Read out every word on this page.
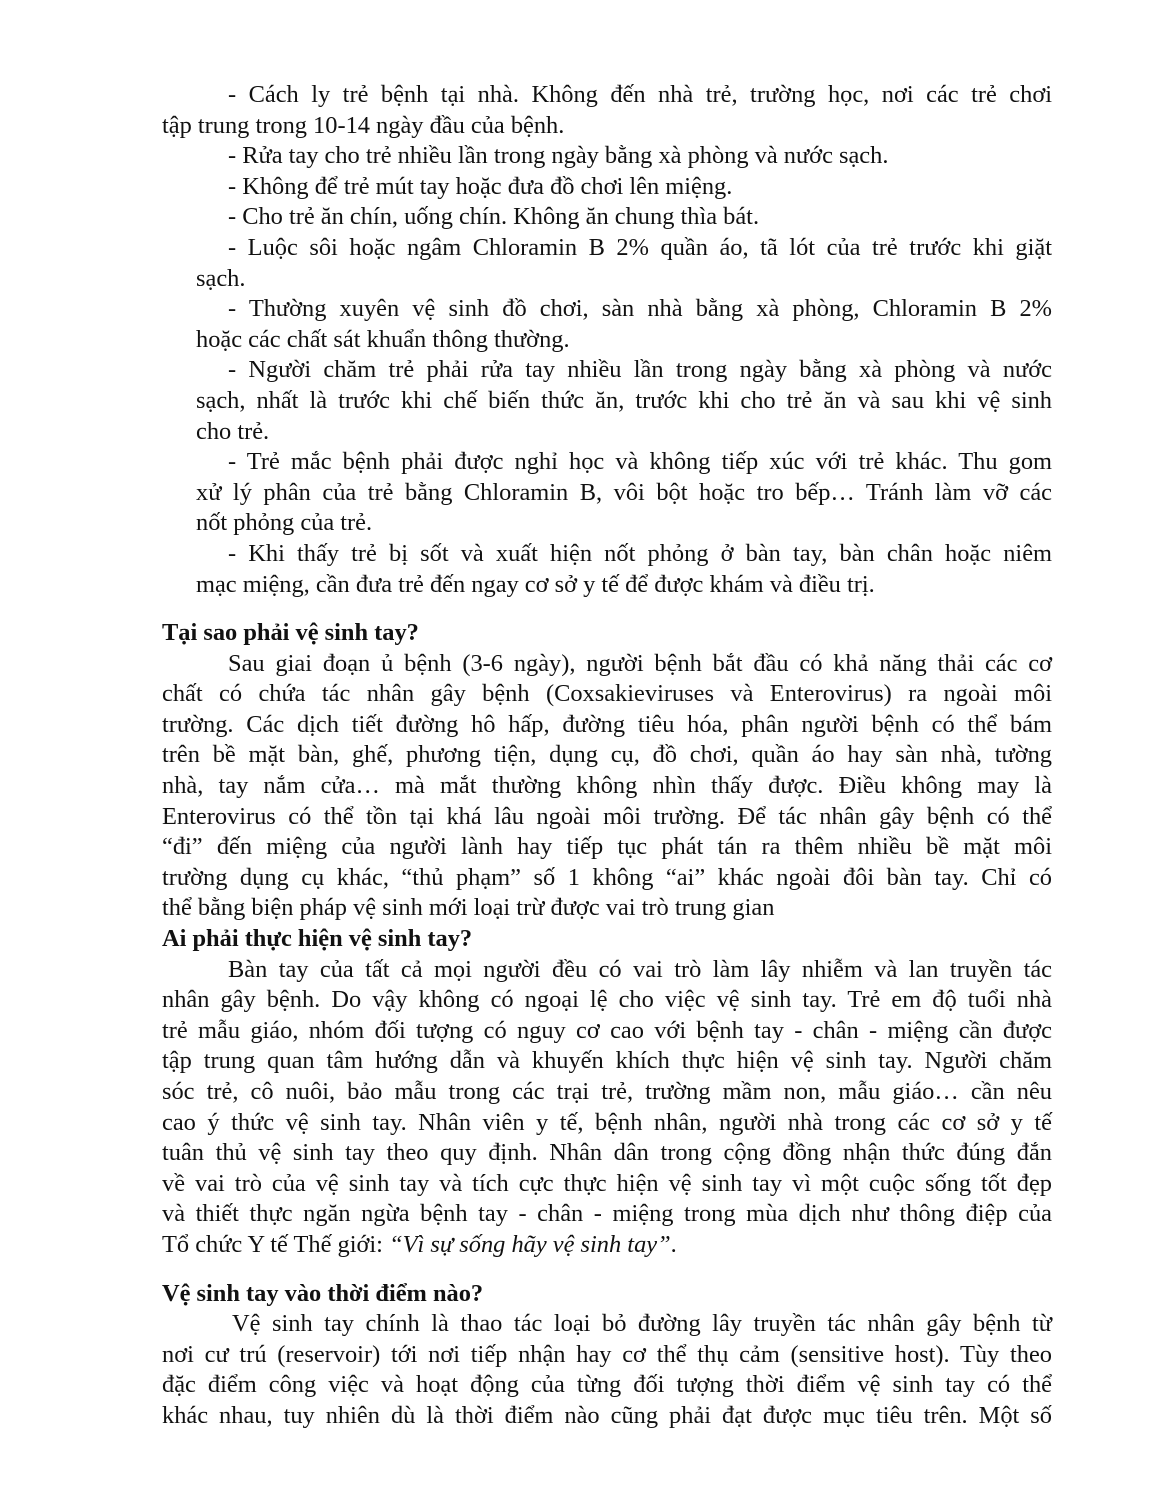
- Cách ly trẻ bệnh tại nhà. Không đến nhà trẻ, trường học, nơi các trẻ chơi
tập trung trong 10-14 ngày đầu của bệnh.
- Rửa tay cho trẻ nhiều lần trong ngày bằng xà phòng và nước sạch.
- Không để trẻ mút tay hoặc đưa đồ chơi lên miệng.
- Cho trẻ ăn chín, uống chín. Không ăn chung thìa bát.
- Luộc sôi hoặc ngâm Chloramin B 2% quần áo, tã lót của trẻ trước khi giặt
sạch.
- Thường xuyên vệ sinh đồ chơi, sàn nhà bằng xà phòng, Chloramin B 2%
hoặc các chất sát khuẩn thông thường.
- Người chăm trẻ phải rửa tay nhiều lần trong ngày bằng xà phòng và nước
sạch, nhất là trước khi chế biến thức ăn, trước khi cho trẻ ăn và sau khi vệ sinh
cho trẻ.
- Trẻ mắc bệnh phải được nghỉ học và không tiếp xúc với trẻ khác. Thu gom
xử lý phân của trẻ bằng Chloramin B, vôi bột hoặc tro bếp… Tránh làm vỡ các
nốt phỏng của trẻ.
- Khi thấy trẻ bị sốt và xuất hiện nốt phỏng ở bàn tay, bàn chân hoặc niêm
mạc miệng, cần đưa trẻ đến ngay cơ sở y tế để được khám và điều trị.
Tại sao phải vệ sinh tay?
Sau giai đoạn ủ bệnh (3-6 ngày), người bệnh bắt đầu có khả năng thải các cơ
chất có chứa tác nhân gây bệnh (Coxsakieviruses và Enterovirus) ra ngoài môi
trường. Các dịch tiết đường hô hấp, đường tiêu hóa, phân người bệnh có thể bám
trên bề mặt bàn, ghế, phương tiện, dụng cụ, đồ chơi, quần áo hay sàn nhà, tường
nhà, tay nắm cửa… mà mắt thường không nhìn thấy được. Điều không may là
Enterovirus có thể tồn tại khá lâu ngoài môi trường. Để tác nhân gây bệnh có thể
“đi” đến miệng của người lành hay tiếp tục phát tán ra thêm nhiều bề mặt môi
trường dụng cụ khác, “thủ phạm” số 1 không “ai” khác ngoài đôi bàn tay. Chỉ có
thể bằng biện pháp vệ sinh mới loại trừ được vai trò trung gian
Ai phải thực hiện vệ sinh tay?
Bàn tay của tất cả mọi người đều có vai trò làm lây nhiễm và lan truyền tác
nhân gây bệnh. Do vậy không có ngoại lệ cho việc vệ sinh tay. Trẻ em độ tuổi nhà
trẻ mẫu giáo, nhóm đối tượng có nguy cơ cao với bệnh tay - chân - miệng cần được
tập trung quan tâm hướng dẫn và khuyến khích thực hiện vệ sinh tay. Người chăm
sóc trẻ, cô nuôi, bảo mẫu trong các trại trẻ, trường mầm non, mẫu giáo… cần nêu
cao ý thức vệ sinh tay. Nhân viên y tế, bệnh nhân, người nhà trong các cơ sở y tế
tuân thủ vệ sinh tay theo quy định. Nhân dân trong cộng đồng nhận thức đúng đắn
về vai trò của vệ sinh tay và tích cực thực hiện vệ sinh tay vì một cuộc sống tốt đẹp
và thiết thực ngăn ngừa bệnh tay - chân - miệng trong mùa dịch như thông điệp của
Tổ chức Y tế Thế giới: “Vì sự sống hãy vệ sinh tay”.
Vệ sinh tay vào thời điểm nào?
Vệ sinh tay chính là thao tác loại bỏ đường lây truyền tác nhân gây bệnh từ
nơi cư trú (reservoir) tới nơi tiếp nhận hay cơ thể thụ cảm (sensitive host). Tùy theo
đặc điểm công việc và hoạt động của từng đối tượng thời điểm vệ sinh tay có thể
khác nhau, tuy nhiên dù là thời điểm nào cũng phải đạt được mục tiêu trên. Một số
